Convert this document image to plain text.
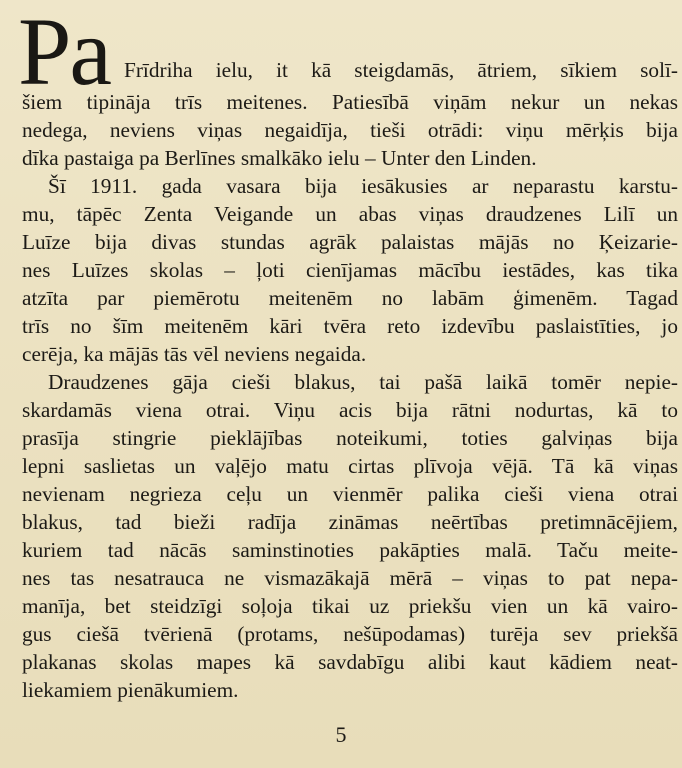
Pa Frīdriha ielu, it kā steigdamās, ātriem, sīkiem solī-
šiem tipināja trīs meitenes. Patiesībā viņām nekur un nekas
nedega, neviens viņas negaidīja, tieši otrādi: viņu mērķis bija
dīka pastaiga pa Berlīnes smalkāko ielu – Unter den Linden.
Šī 1911. gada vasara bija iesākusies ar neparastu karstu-
mu, tāpēc Zenta Veigande un abas viņas draudzenes Lilī un
Luīze bija divas stundas agrāk palaistas mājās no Ķeizarie-
nes Luīzes skolas – ļoti cienījamas mācību iestādes, kas tika
atzīta par piemērotu meitenēm no labām ģimenēm. Tagad
trīs no šīm meitenēm kāri tvēra reto izdevību paslaistīties, jo
cerēja, ka mājās tās vēl neviens negaida.
Draudzenes gāja cieši blakus, tai pašā laikā tomēr nepie-
skardamās viena otrai. Viņu acis bija rātni nodurtas, kā to
prasīja stingrie pieklājības noteikumi, toties galviņas bija
lepni saslietas un vaļējo matu cirtas plīvoja vējā. Tā kā viņas
nevienam negrieza ceļu un vienmēr palika cieši viena otrai
blakus, tad bieži radīja zināmas neērtības pretimnācējiem,
kuriem tad nācās saminstinoties pakāpties malā. Taču meite-
nes tas nesatrauca ne vismazākajā mērā – viņas to pat nepa-
manīja, bet steidzīgi soļoja tikai uz priekšu vien un kā vairo-
gus ciešā tvērienā (protams, nešūpodamas) turēja sev priekšā
plakanas skolas mapes kā savdabīgu alibi kaut kādiem neat-
liekamiem pienākumiem.
5
